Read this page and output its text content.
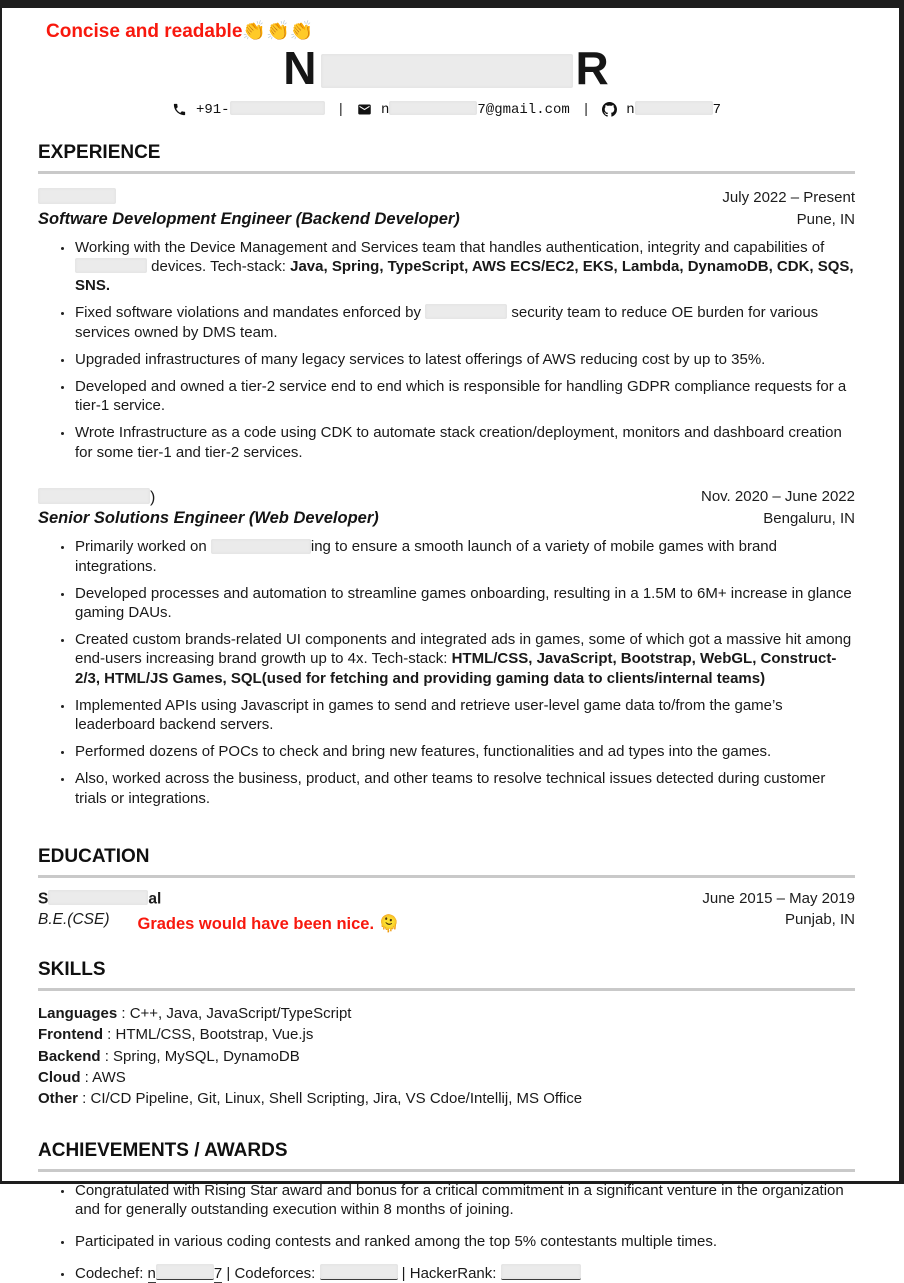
Concise and readable👏👏👏
N	R
+91-	|	n	7@gmail.com |	n	7
EXPERIENCE
July 2022 – Present
Software Development Engineer (Backend Developer)	Pune, IN
• Working with the Device Management and Services team that handles authentication, integrity and capabilities of  devices. Tech-stack: Java, Spring, TypeScript, AWS ECS/EC2, EKS, Lambda, DynamoDB, CDK, SQS, SNS.
• Fixed software violations and mandates enforced by	security team to reduce OE burden for various services owned by DMS team.
• Upgraded infrastructures of many legacy services to latest offerings of AWS reducing cost by up to 35%.
• Developed and owned a tier-2 service end to end which is responsible for handling GDPR compliance requests for a tier-1 service.
• Wrote Infrastructure as a code using CDK to automate stack creation/deployment, monitors and dashboard creation for some tier-1 and tier-2 services.
)	Nov. 2020 – June 2022
Senior Solutions Engineer (Web Developer)	Bengaluru, IN
• Primarily worked on	ing to ensure a smooth launch of a variety of mobile games with brand integrations.
• Developed processes and automation to streamline games onboarding, resulting in a 1.5M to 6M+ increase in glance gaming DAUs.
• Created custom brands-related UI components and integrated ads in games, some of which got a massive hit among end-users increasing brand growth up to 4x. Tech-stack: HTML/CSS, JavaScript, Bootstrap, WebGL, Construct-2/3, HTML/JS Games, SQL(used for fetching and providing gaming data to clients/internal teams)
• Implemented APIs using Javascript in games to send and retrieve user-level game data to/from the game’s leaderboard backend servers.
• Performed dozens of POCs to check and bring new features, functionalities and ad types into the games.
• Also, worked across the business, product, and other teams to resolve technical issues detected during customer trials or integrations.
EDUCATION
S	al	June 2015 – May 2019
B.E.(CSE) Grades would have been nice. 🫠	Punjab, IN
SKILLS
Languages : C++, Java, JavaScript/TypeScript
Frontend : HTML/CSS, Bootstrap, Vue.js
Backend : Spring, MySQL, DynamoDB
Cloud : AWS
Other : CI/CD Pipeline, Git, Linux, Shell Scripting, Jira, VS Cdoe/Intellij, MS Office
ACHIEVEMENTS / AWARDS
• Congratulated with Rising Star award and bonus for a critical commitment in a significant venture in the organization and for generally outstanding execution within 8 months of joining.
• Participated in various coding contests and ranked among the top 5% contestants multiple times.
• Codechef: n	7 | Codeforces:	| HackerRank:
